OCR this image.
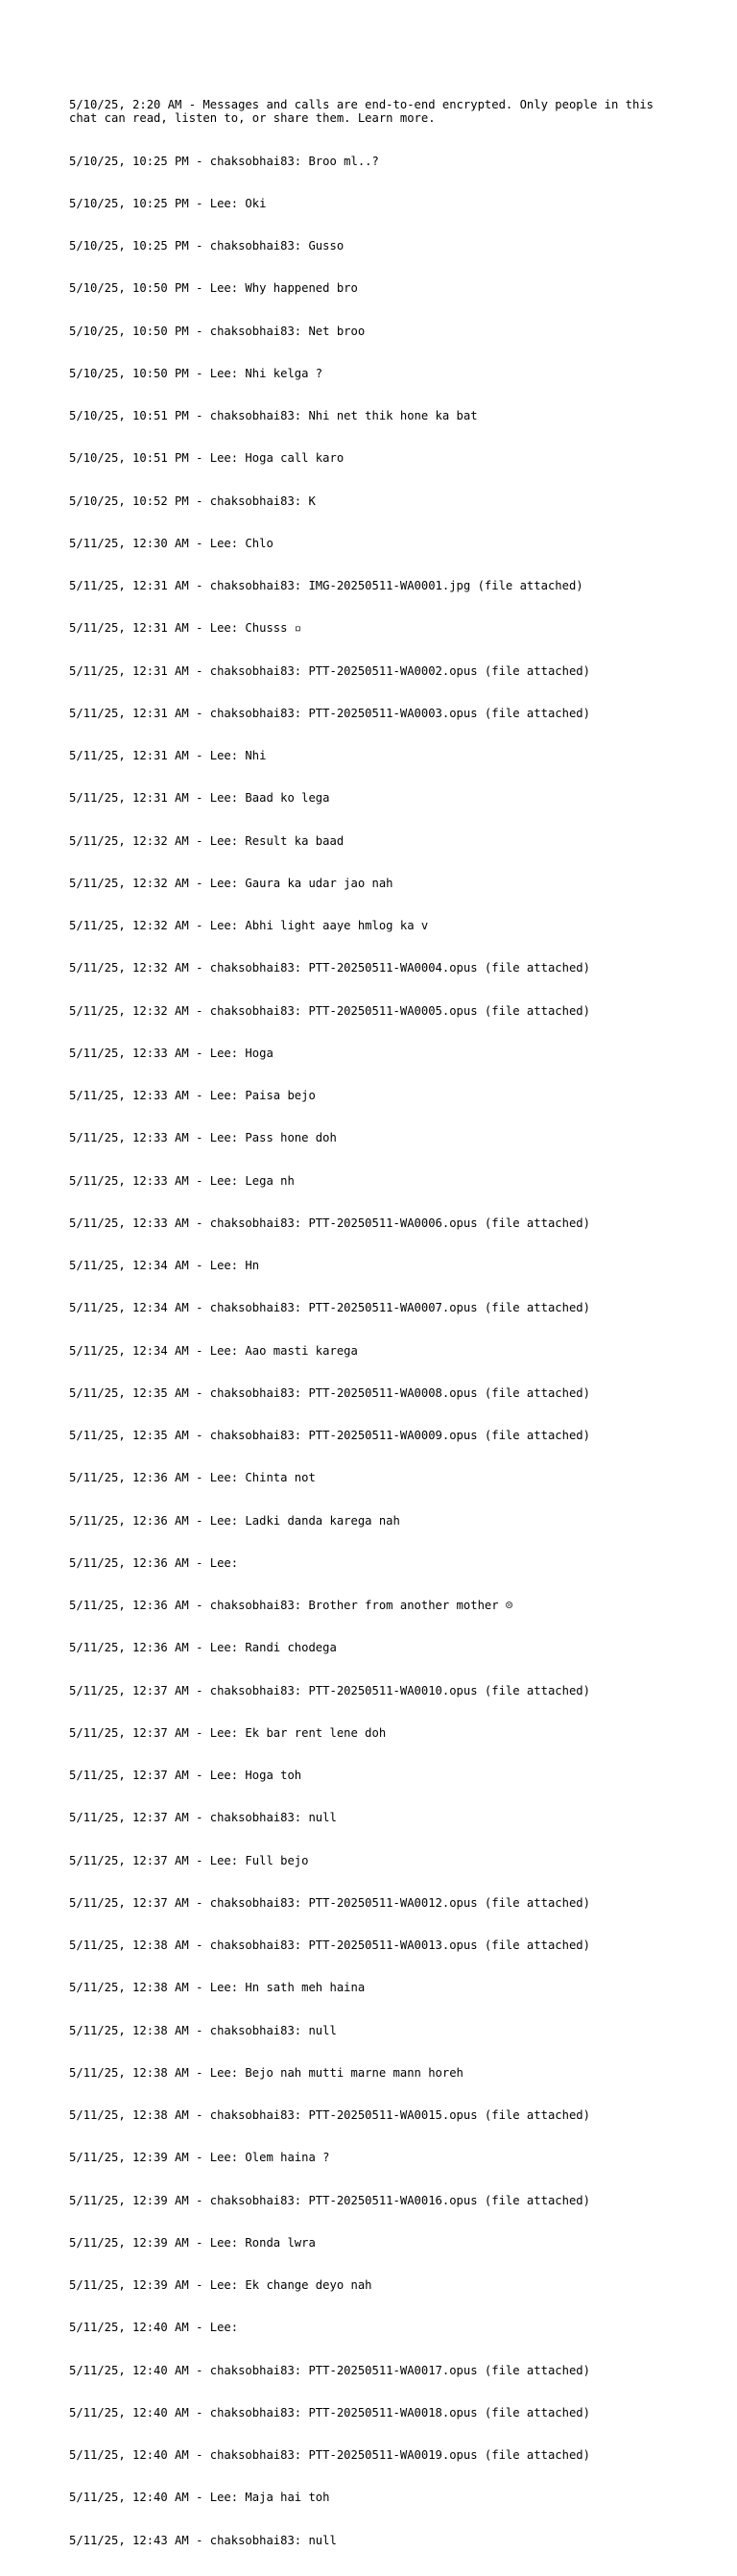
5/10/25, 2:20 AM - Messages and calls are end-to-end encrypted. Only people in this chat can read, listen to, or share them. Learn more.

5/10/25, 10:25 PM - chaksobhai83: Broo ml..?

5/10/25, 10:25 PM - Lee: Oki

5/10/25, 10:25 PM - chaksobhai83: Gusso

5/10/25, 10:50 PM - Lee: Why happened bro

5/10/25, 10:50 PM - chaksobhai83: Net broo

5/10/25, 10:50 PM - Lee: Nhi kelga ?

5/10/25, 10:51 PM - chaksobhai83: Nhi net thik hone ka bat

5/10/25, 10:51 PM - Lee: Hoga call karo

5/10/25, 10:52 PM - chaksobhai83: K

5/11/25, 12:30 AM - Lee: Chlo

5/11/25, 12:31 AM - chaksobhai83: IMG-20250511-WA0001.jpg (file attached)

5/11/25, 12:31 AM - Lee: Chusss ▫

5/11/25, 12:31 AM - chaksobhai83: PTT-20250511-WA0002.opus (file attached)

5/11/25, 12:31 AM - chaksobhai83: PTT-20250511-WA0003.opus (file attached)

5/11/25, 12:31 AM - Lee: Nhi

5/11/25, 12:31 AM - Lee: Baad ko lega

5/11/25, 12:32 AM - Lee: Result ka baad

5/11/25, 12:32 AM - Lee: Gaura ka udar jao nah

5/11/25, 12:32 AM - Lee: Abhi light aaye hmlog ka v

5/11/25, 12:32 AM - chaksobhai83: PTT-20250511-WA0004.opus (file attached)

5/11/25, 12:32 AM - chaksobhai83: PTT-20250511-WA0005.opus (file attached)

5/11/25, 12:33 AM - Lee: Hoga

5/11/25, 12:33 AM - Lee: Paisa bejo

5/11/25, 12:33 AM - Lee: Pass hone doh

5/11/25, 12:33 AM - Lee: Lega nh

5/11/25, 12:33 AM - chaksobhai83: PTT-20250511-WA0006.opus (file attached)

5/11/25, 12:34 AM - Lee: Hn

5/11/25, 12:34 AM - chaksobhai83: PTT-20250511-WA0007.opus (file attached)

5/11/25, 12:34 AM - Lee: Aao masti karega

5/11/25, 12:35 AM - chaksobhai83: PTT-20250511-WA0008.opus (file attached)

5/11/25, 12:35 AM - chaksobhai83: PTT-20250511-WA0009.opus (file attached)

5/11/25, 12:36 AM - Lee: Chinta not

5/11/25, 12:36 AM - Lee: Ladki danda karega nah

5/11/25, 12:36 AM - Lee:

5/11/25, 12:36 AM - chaksobhai83: Brother from another mother ☹

5/11/25, 12:36 AM - Lee: Randi chodega

5/11/25, 12:37 AM - chaksobhai83: PTT-20250511-WA0010.opus (file attached)

5/11/25, 12:37 AM - Lee: Ek bar rent lene doh

5/11/25, 12:37 AM - Lee: Hoga toh

5/11/25, 12:37 AM - chaksobhai83: null

5/11/25, 12:37 AM - Lee: Full bejo

5/11/25, 12:37 AM - chaksobhai83: PTT-20250511-WA0012.opus (file attached)

5/11/25, 12:38 AM - chaksobhai83: PTT-20250511-WA0013.opus (file attached)

5/11/25, 12:38 AM - Lee: Hn sath meh haina

5/11/25, 12:38 AM - chaksobhai83: null

5/11/25, 12:38 AM - Lee: Bejo nah mutti marne mann horeh

5/11/25, 12:38 AM - chaksobhai83: PTT-20250511-WA0015.opus (file attached)

5/11/25, 12:39 AM - Lee: Olem haina ?

5/11/25, 12:39 AM - chaksobhai83: PTT-20250511-WA0016.opus (file attached)

5/11/25, 12:39 AM - Lee: Ronda lwra

5/11/25, 12:39 AM - Lee: Ek change deyo nah

5/11/25, 12:40 AM - Lee:

5/11/25, 12:40 AM - chaksobhai83: PTT-20250511-WA0017.opus (file attached)

5/11/25, 12:40 AM - chaksobhai83: PTT-20250511-WA0018.opus (file attached)

5/11/25, 12:40 AM - chaksobhai83: PTT-20250511-WA0019.opus (file attached)

5/11/25, 12:40 AM - Lee: Maja hai toh

5/11/25, 12:43 AM - chaksobhai83: null
